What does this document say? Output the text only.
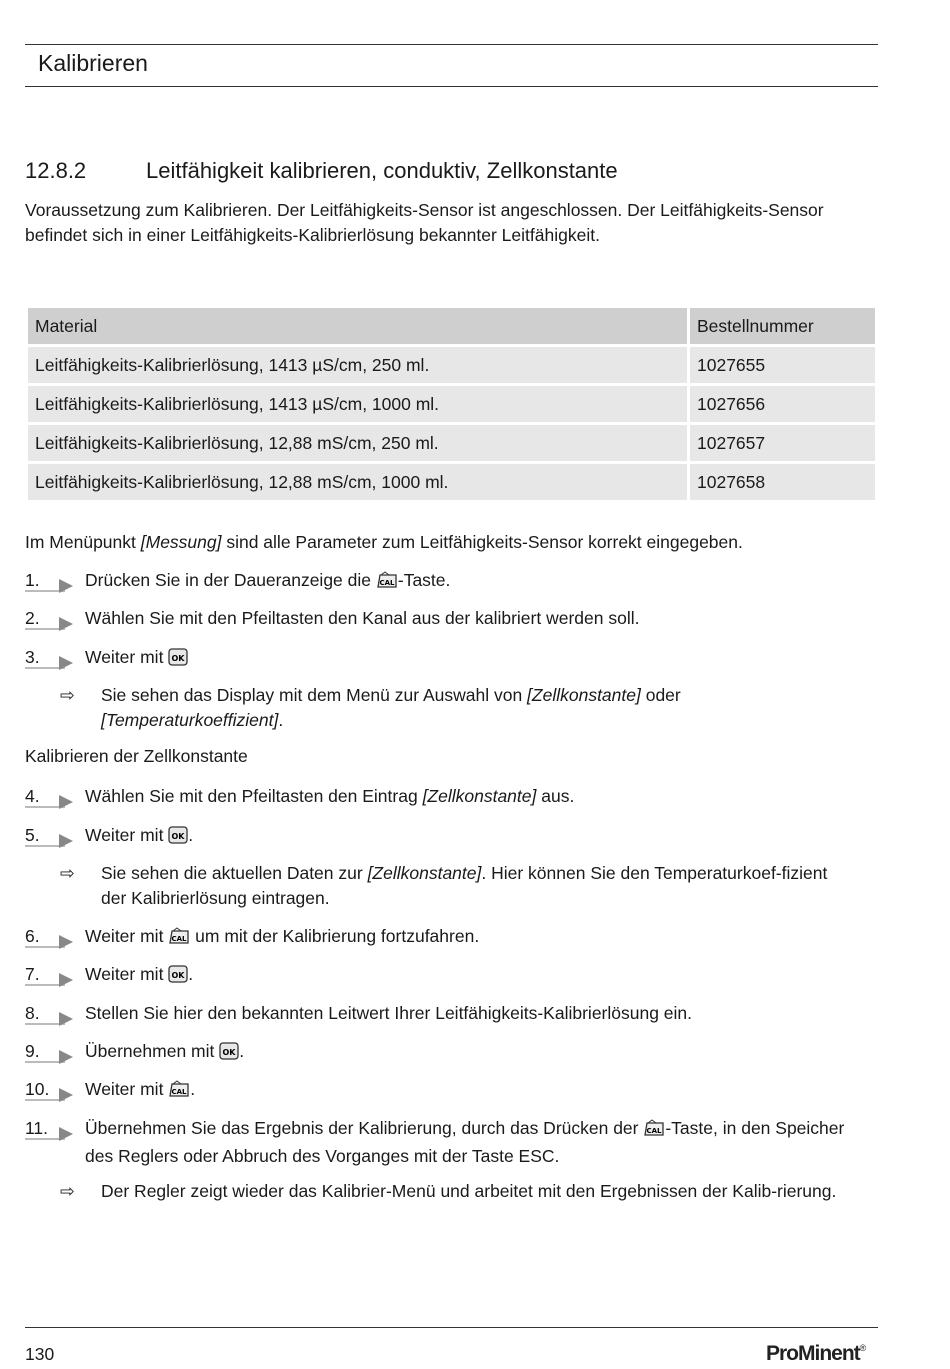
Kalibrieren
12.8.2	Leitfähigkeit kalibrieren, conduktiv, Zellkonstante
Voraussetzung zum Kalibrieren. Der Leitfähigkeits-Sensor ist angeschlossen. Der Leitfähigkeits-Sensor befindet sich in einer Leitfähigkeits-Kalibrierlösung bekannter Leitfähigkeit.
Material	Bestellnummer
Leitfähigkeits-Kalibrierlösung, 1413 µS/cm, 250 ml.	1027655
Leitfähigkeits-Kalibrierlösung, 1413 µS/cm, 1000 ml.	1027656
Leitfähigkeits-Kalibrierlösung, 12,88 mS/cm, 250 ml.	1027657
Leitfähigkeits-Kalibrierlösung, 12,88 mS/cm, 1000 ml.	1027658
Im Menüpunkt [Messung] sind alle Parameter zum Leitfähigkeits-Sensor korrekt eingegeben.
1.	Drücken Sie in der Daueranzeige die CAL -Taste.
2.	Wählen Sie mit den Pfeiltasten den Kanal aus der kalibriert werden soll.
3.	Weiter mit OK
⇨	Sie sehen das Display mit dem Menü zur Auswahl von [Zellkonstante] oder [Temperaturkoeffizient].
Kalibrieren der Zellkonstante
4.	Wählen Sie mit den Pfeiltasten den Eintrag [Zellkonstante] aus.
5.	Weiter mit OK .
⇨	Sie sehen die aktuellen Daten zur [Zellkonstante]. Hier können Sie den Temperaturkoef-fizient der Kalibrierlösung eintragen.
6.	Weiter mit CAL um mit der Kalibrierung fortzufahren.
7.	Weiter mit OK .
8.	Stellen Sie hier den bekannten Leitwert Ihrer Leitfähigkeits-Kalibrierlösung ein.
9.	Übernehmen mit OK .
10.	Weiter mit CAL .
11.	Übernehmen Sie das Ergebnis der Kalibrierung, durch das Drücken der CAL -Taste, in den Speicher des Reglers oder Abbruch des Vorganges mit der Taste ESC.
⇨	Der Regler zeigt wieder das Kalibrier-Menü und arbeitet mit den Ergebnissen der Kalib-rierung.
130	ProMinent®
